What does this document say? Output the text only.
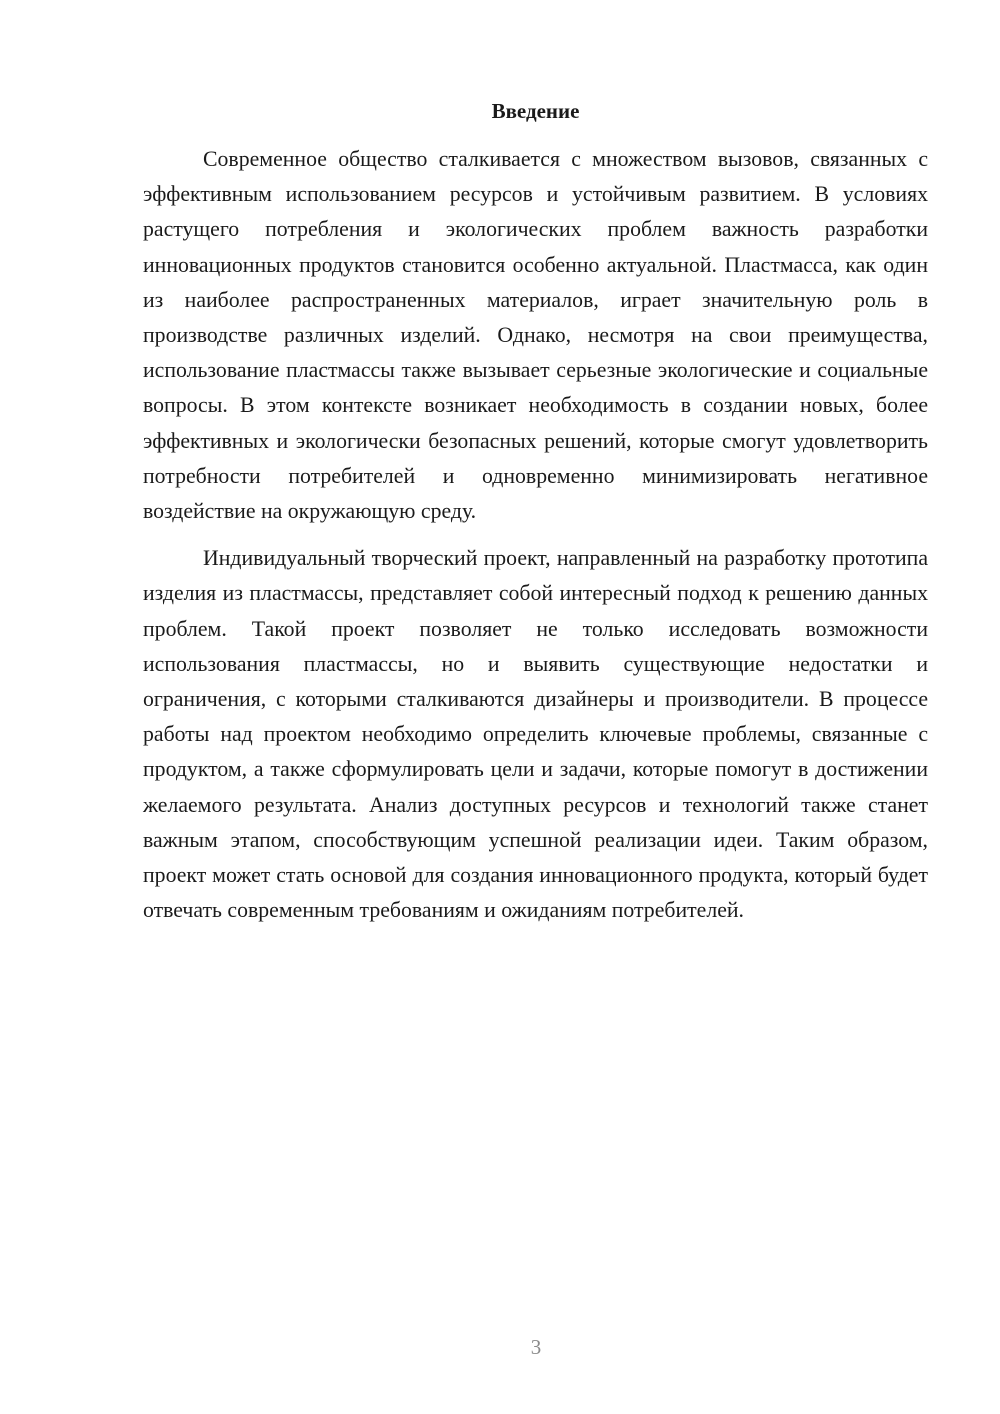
Введение

Современное общество сталкивается с множеством вызовов, связанных с эффективным использованием ресурсов и устойчивым развитием. В условиях растущего потребления и экологических проблем важность разработки инновационных продуктов становится особенно актуальной. Пластмасса, как один из наиболее распространенных материалов, играет значительную роль в производстве различных изделий. Однако, несмотря на свои преимущества, использование пластмассы также вызывает серьезные экологические и социальные вопросы. В этом контексте возникает необходимость в создании новых, более эффективных и экологически безопасных решений, которые смогут удовлетворить потребности потребителей и одновременно минимизировать негативное воздействие на окружающую среду.

Индивидуальный творческий проект, направленный на разработку прототипа изделия из пластмассы, представляет собой интересный подход к решению данных проблем. Такой проект позволяет не только исследовать возможности использования пластмассы, но и выявить существующие недостатки и ограничения, с которыми сталкиваются дизайнеры и производители. В процессе работы над проектом необходимо определить ключевые проблемы, связанные с продуктом, а также сформулировать цели и задачи, которые помогут в достижении желаемого результата. Анализ доступных ресурсов и технологий также станет важным этапом, способствующим успешной реализации идеи. Таким образом, проект может стать основой для создания инновационного продукта, который будет отвечать современным требованиям и ожиданиям потребителей.

3
